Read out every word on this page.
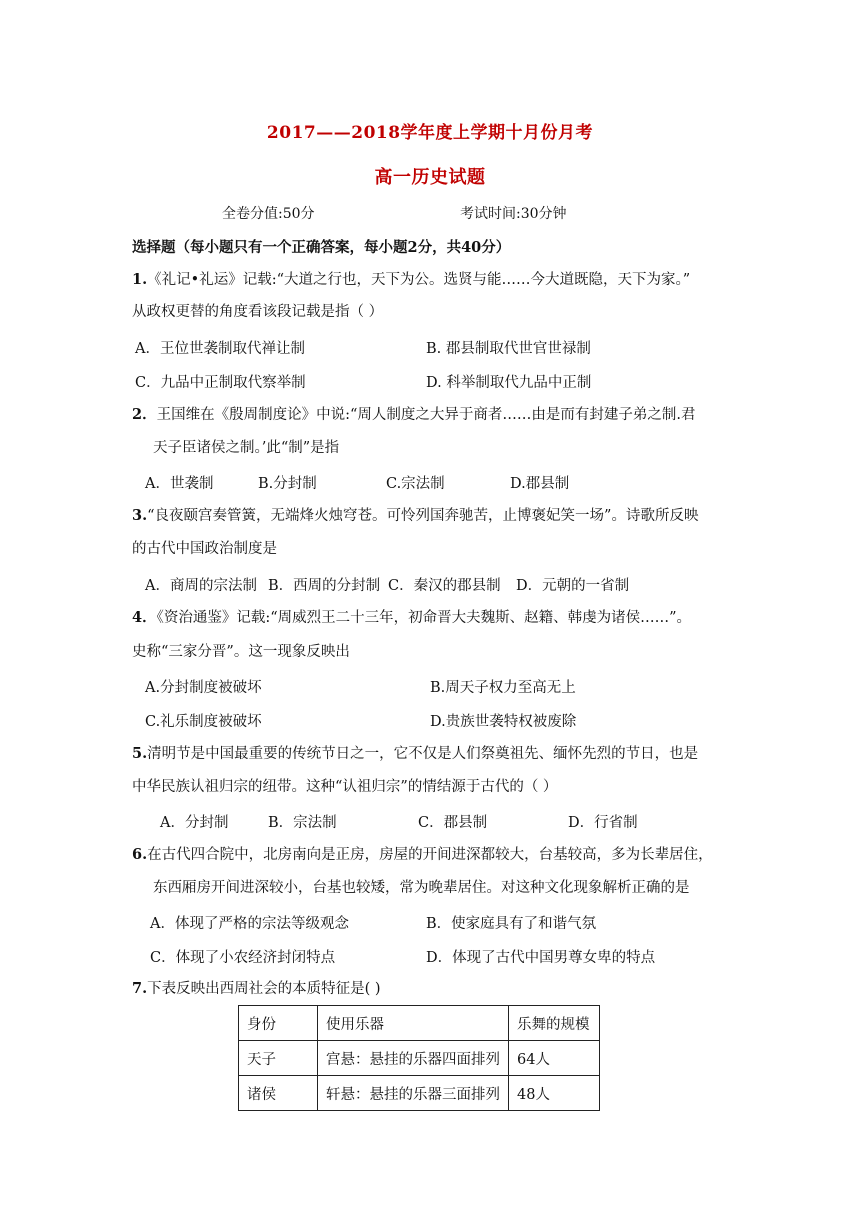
2017——2018学年度上学期十月份月考
高一历史试题
全卷分值:50分	考试时间:30分钟
选择题（每小题只有一个正确答案，每小题2分，共40分）
1.《礼记•礼运》记载:“大道之行也，天下为公。选贤与能……今大道既隐，天下为家。”
从政权更替的角度看该段记载是指（ ）
A．王位世袭制取代禅让制	B. 郡县制取代世官世禄制
C．九品中正制取代察举制	D. 科举制取代九品中正制
2．王国维在《殷周制度论》中说:“周人制度之大异于商者……由是而有封建子弟之制.君
天子臣诸侯之制。’此“制”是指
A．世袭制	B.分封制	C.宗法制	D.郡县制
3.“良夜颐宫奏管簧，无端烽火烛穹苍。可怜列国奔驰苦，止博褒妃笑一场”。诗歌所反映
的古代中国政治制度是
A．商周的宗法制 B．西周的分封制 C．秦汉的郡县制 D．元朝的一省制
4．《资治通鉴》记载:“周威烈王二十三年，初命晋大夫魏斯、赵籍、韩虔为诸侯……”。
史称“三家分晋”。这一现象反映出
A.分封制度被破坏	B.周天子权力至高无上
C.礼乐制度被破坏	D.贵族世袭特权被废除
5.清明节是中国最重要的传统节日之一，它不仅是人们祭奠祖先、缅怀先烈的节日，也是
中华民族认祖归宗的纽带。这种“认祖归宗”的情结源于古代的（ ）
A．分封制	B．宗法制	C．郡县制	D．行省制
6.在古代四合院中，北房南向是正房，房屋的开间进深都较大，台基较高，多为长辈居住，
东西厢房开间进深较小，台基也较矮，常为晚辈居住。对这种文化现象解析正确的是
A．体现了严格的宗法等级观念	B．使家庭具有了和谐气氛
C．体现了小农经济封闭特点	D．体现了古代中国男尊女卑的特点
7.下表反映出西周社会的本质特征是( )
身份	使用乐器	乐舞的规模
天子	宫悬：悬挂的乐器四面排列	64人
诸侯	轩悬：悬挂的乐器三面排列	48人
